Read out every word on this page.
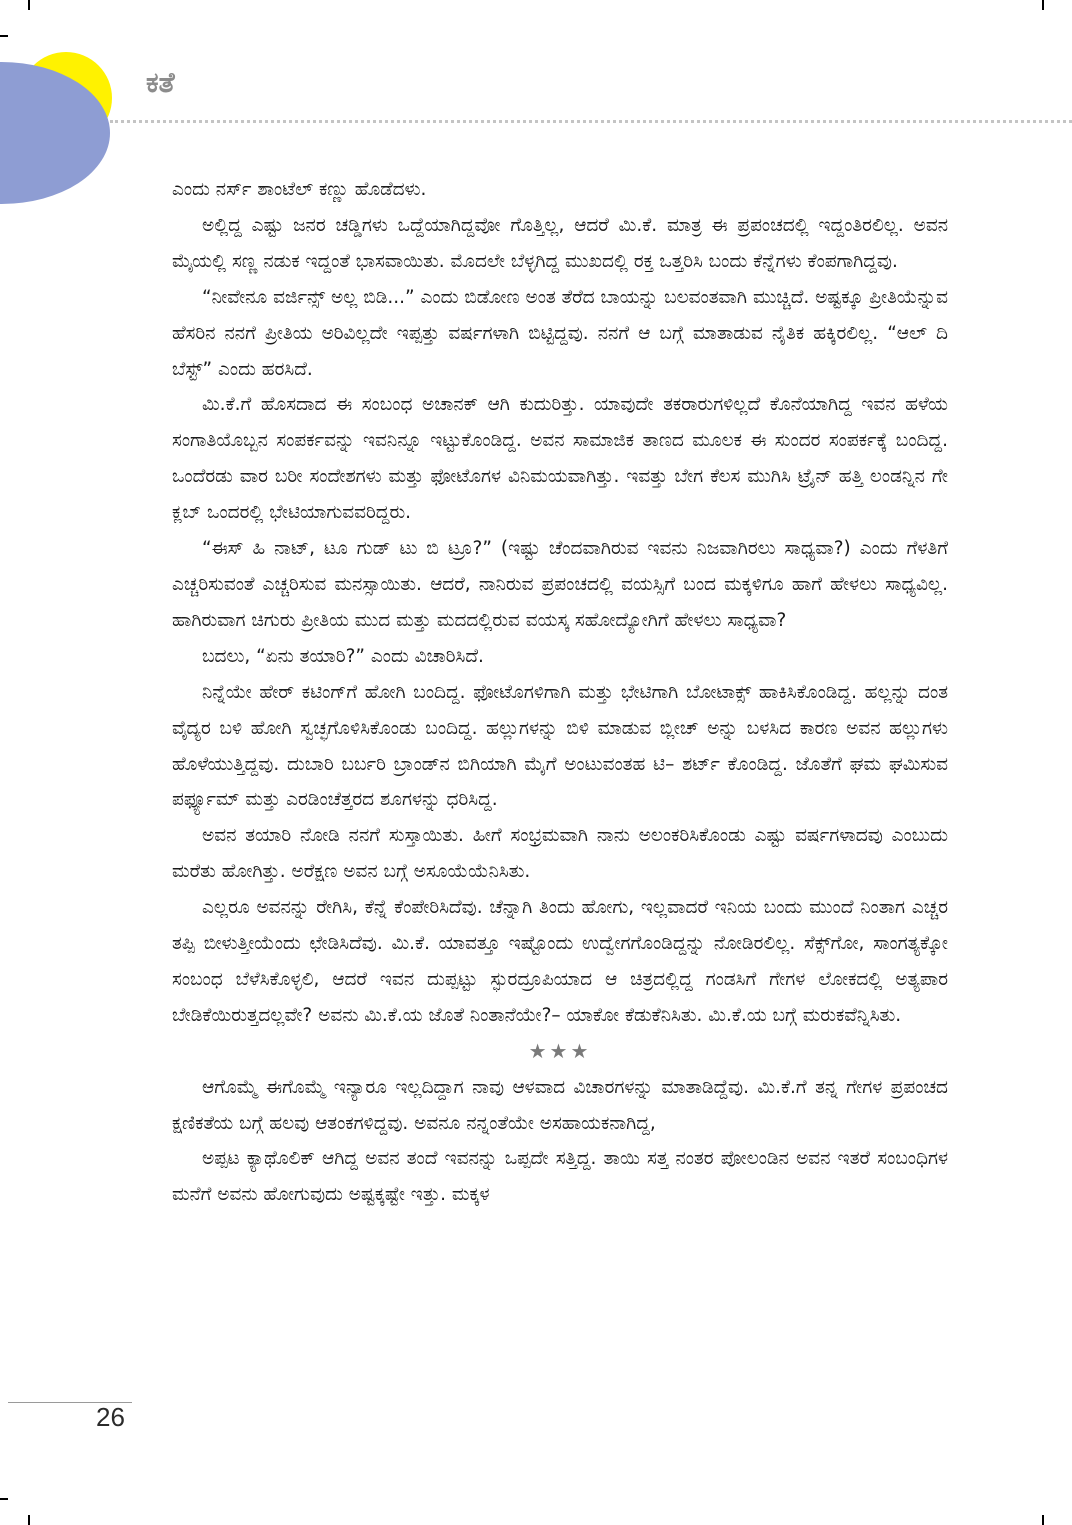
ಕತೆ

ಎಂದು ನರ್ಸ್ ಶಾಂಟೆಲ್ ಕಣ್ಣು ಹೊಡೆದಳು.

ಅಲ್ಲಿದ್ದ ಎಷ್ಟು ಜನರ ಚಡ್ಡಿಗಳು ಒದ್ದೆಯಾಗಿದ್ದವೋ ಗೊತ್ತಿಲ್ಲ, ಆದರೆ ಮಿ.ಕೆ. ಮಾತ್ರ ಈ ಪ್ರಪಂಚದಲ್ಲಿ ಇದ್ದಂತಿರಲಿಲ್ಲ. ಅವನ ಮೈಯಲ್ಲಿ ಸಣ್ಣ ನಡುಕ ಇದ್ದಂತೆ ಭಾಸವಾಯಿತು. ಮೊದಲೇ ಬೆಳ್ಳಗಿದ್ದ ಮುಖದಲ್ಲಿ ರಕ್ತ ಒತ್ತರಿಸಿ ಬಂದು ಕೆನ್ನೆಗಳು ಕೆಂಪಗಾಗಿದ್ದವು.

“ನೀವೇನೂ ವರ್ಜಿನ್ಸ್ ಅಲ್ಲ ಬಿಡಿ...” ಎಂದು ಬಿಡೋಣ ಅಂತ ತೆರೆದ ಬಾಯನ್ನು ಬಲವಂತವಾಗಿ ಮುಚ್ಚಿದೆ. ಅಷ್ಟಕ್ಕೂ ಪ್ರೀತಿಯೆನ್ನುವ ಹೆಸರಿನ ನನಗೆ ಪ್ರೀತಿಯ ಅರಿವಿಲ್ಲದೇ ಇಪ್ಪತ್ತು ವರ್ಷಗಳಾಗಿ ಬಿಟ್ಟಿದ್ದವು. ನನಗೆ ಆ ಬಗ್ಗೆ ಮಾತಾಡುವ ನೈತಿಕ ಹಕ್ಕಿರಲಿಲ್ಲ. “ಆಲ್ ದಿ ಬೆಸ್ಟ್” ಎಂದು ಹರಸಿದೆ.

ಮಿ.ಕೆ.ಗೆ ಹೊಸದಾದ ಈ ಸಂಬಂಧ ಅಚಾನಕ್ ಆಗಿ ಕುದುರಿತ್ತು. ಯಾವುದೇ ತಕರಾರುಗಳಿಲ್ಲದೆ ಕೊನೆಯಾಗಿದ್ದ ಇವನ ಹಳೆಯ ಸಂಗಾತಿಯೊಬ್ಬನ ಸಂಪರ್ಕವನ್ನು ಇವನಿನ್ನೂ ಇಟ್ಟುಕೊಂಡಿದ್ದ. ಅವನ ಸಾಮಾಜಿಕ ತಾಣದ ಮೂಲಕ ಈ ಸುಂದರ ಸಂಪರ್ಕಕ್ಕೆ ಬಂದಿದ್ದ. ಒಂದೆರಡು ವಾರ ಬರೀ ಸಂದೇಶಗಳು ಮತ್ತು ಫೋಟೊಗಳ ವಿನಿಮಯವಾಗಿತ್ತು. ಇವತ್ತು ಬೇಗ ಕೆಲಸ ಮುಗಿಸಿ ಟ್ರೈನ್ ಹತ್ತಿ ಲಂಡನ್ನಿನ ಗೇ ಕ್ಲಬ್ ಒಂದರಲ್ಲಿ ಭೇಟಿಯಾಗುವವರಿದ್ದರು.

“ಈಸ್ ಹಿ ನಾಟ್, ಟೂ ಗುಡ್ ಟು ಬಿ ಟ್ರೂ?” (ಇಷ್ಟು ಚೆಂದವಾಗಿರುವ ಇವನು ನಿಜವಾಗಿರಲು ಸಾಧ್ಯವಾ?) ಎಂದು ಗೆಳತಿಗೆ ಎಚ್ಚರಿಸುವಂತೆ ಎಚ್ಚರಿಸುವ ಮನಸ್ಸಾಯಿತು. ಆದರೆ, ನಾನಿರುವ ಪ್ರಪಂಚದಲ್ಲಿ ವಯಸ್ಸಿಗೆ ಬಂದ ಮಕ್ಕಳಿಗೂ ಹಾಗೆ ಹೇಳಲು ಸಾಧ್ಯವಿಲ್ಲ. ಹಾಗಿರುವಾಗ ಚಿಗುರು ಪ್ರೀತಿಯ ಮುದ ಮತ್ತು ಮದದಲ್ಲಿರುವ ವಯಸ್ಕ ಸಹೋದ್ಯೋಗಿಗೆ ಹೇಳಲು ಸಾಧ್ಯವಾ?

ಬದಲು, “ಏನು ತಯಾರಿ?” ಎಂದು ವಿಚಾರಿಸಿದೆ.

ನಿನ್ನೆಯೇ ಹೇರ್ ಕಟಿಂಗ್‌ಗೆ ಹೋಗಿ ಬಂದಿದ್ದ. ಫೋಟೊಗಳಿಗಾಗಿ ಮತ್ತು ಭೇಟಿಗಾಗಿ ಬೋಟಾಕ್ಸ್ ಹಾಕಿಸಿಕೊಂಡಿದ್ದ. ಹಲ್ಲನ್ನು ದಂತ ವೈದ್ಯರ ಬಳಿ ಹೋಗಿ ಸ್ವಚ್ಛಗೊಳಿಸಿಕೊಂಡು ಬಂದಿದ್ದ. ಹಲ್ಲುಗಳನ್ನು ಬಿಳಿ ಮಾಡುವ ಬ್ಲೀಚ್ ಅನ್ನು ಬಳಸಿದ ಕಾರಣ ಅವನ ಹಲ್ಲುಗಳು ಹೊಳೆಯುತ್ತಿದ್ದವು. ದುಬಾರಿ ಬರ್ಬರಿ ಬ್ರಾಂಡ್‌ನ ಬಿಗಿಯಾಗಿ ಮೈಗೆ ಅಂಟುವಂತಹ ಟಿ– ಶರ್ಟ್ ಕೊಂಡಿದ್ದ. ಜೊತೆಗೆ ಘಮ ಘಮಿಸುವ ಪರ್ಫ್ಯೂಮ್ ಮತ್ತು ಎರಡಿಂಚೆತ್ತರದ ಶೂಗಳನ್ನು ಧರಿಸಿದ್ದ.

ಅವನ ತಯಾರಿ ನೋಡಿ ನನಗೆ ಸುಸ್ತಾಯಿತು. ಹೀಗೆ ಸಂಭ್ರಮವಾಗಿ ನಾನು ಅಲಂಕರಿಸಿಕೊಂಡು ಎಷ್ಟು ವರ್ಷಗಳಾದವು ಎಂಬುದು ಮರೆತು ಹೋಗಿತ್ತು. ಅರೆಕ್ಷಣ ಅವನ ಬಗ್ಗೆ ಅಸೂಯೆಯೆನಿಸಿತು.

ಎಲ್ಲರೂ ಅವನನ್ನು ರೇಗಿಸಿ, ಕೆನ್ನೆ ಕೆಂಪೇರಿಸಿದೆವು. ಚೆನ್ನಾಗಿ ತಿಂದು ಹೋಗು, ಇಲ್ಲವಾದರೆ ಇನಿಯ ಬಂದು ಮುಂದೆ ನಿಂತಾಗ ಎಚ್ಚರ ತಪ್ಪಿ ಬೀಳುತ್ತೀಯೆಂದು ಛೇಡಿಸಿದೆವು. ಮಿ.ಕೆ. ಯಾವತ್ತೂ ಇಷ್ಟೊಂದು ಉದ್ವೇಗಗೊಂಡಿದ್ದನ್ನು ನೋಡಿರಲಿಲ್ಲ. ಸೆಕ್ಸ್‌ಗೋ, ಸಾಂಗತ್ಯಕ್ಕೋ ಸಂಬಂಧ ಬೆಳೆಸಿಕೊಳ್ಳಲಿ, ಆದರೆ ಇವನ ದುಪ್ಪಟ್ಟು ಸ್ಫುರದ್ರೂಪಿಯಾದ ಆ ಚಿತ್ರದಲ್ಲಿದ್ದ ಗಂಡಸಿಗೆ ಗೇಗಳ ಲೋಕದಲ್ಲಿ ಅತ್ಯಪಾರ ಬೇಡಿಕೆಯಿರುತ್ತದಲ್ಲವೇ? ಅವನು ಮಿ.ಕೆ.ಯ ಜೊತೆ ನಿಂತಾನೆಯೇ?– ಯಾಕೋ ಕೆಡುಕೆನಿಸಿತು. ಮಿ.ಕೆ.ಯ ಬಗ್ಗೆ ಮರುಕವೆನ್ನಿಸಿತು.

★★★

ಆಗೊಮ್ಮೆ ಈಗೊಮ್ಮೆ ಇನ್ಯಾರೂ ಇಲ್ಲದಿದ್ದಾಗ ನಾವು ಆಳವಾದ ವಿಚಾರಗಳನ್ನು ಮಾತಾಡಿದ್ದೆವು. ಮಿ.ಕೆ.ಗೆ ತನ್ನ ಗೇಗಳ ಪ್ರಪಂಚದ ಕ್ಷಣಿಕತೆಯ ಬಗ್ಗೆ ಹಲವು ಆತಂಕಗಳಿದ್ದವು. ಅವನೂ ನನ್ನಂತೆಯೇ ಅಸಹಾಯಕನಾಗಿದ್ದ,

ಅಪ್ಪಟ ಕ್ಯಾಥೊಲಿಕ್ ಆಗಿದ್ದ ಅವನ ತಂದೆ ಇವನನ್ನು ಒಪ್ಪದೇ ಸತ್ತಿದ್ದ. ತಾಯಿ ಸತ್ತ ನಂತರ ಪೋಲಂಡಿನ ಅವನ ಇತರೆ ಸಂಬಂಧಿಗಳ ಮನೆಗೆ ಅವನು ಹೋಗುವುದು ಅಷ್ಟಕ್ಕಷ್ಟೇ ಇತ್ತು. ಮಕ್ಕಳ

26
